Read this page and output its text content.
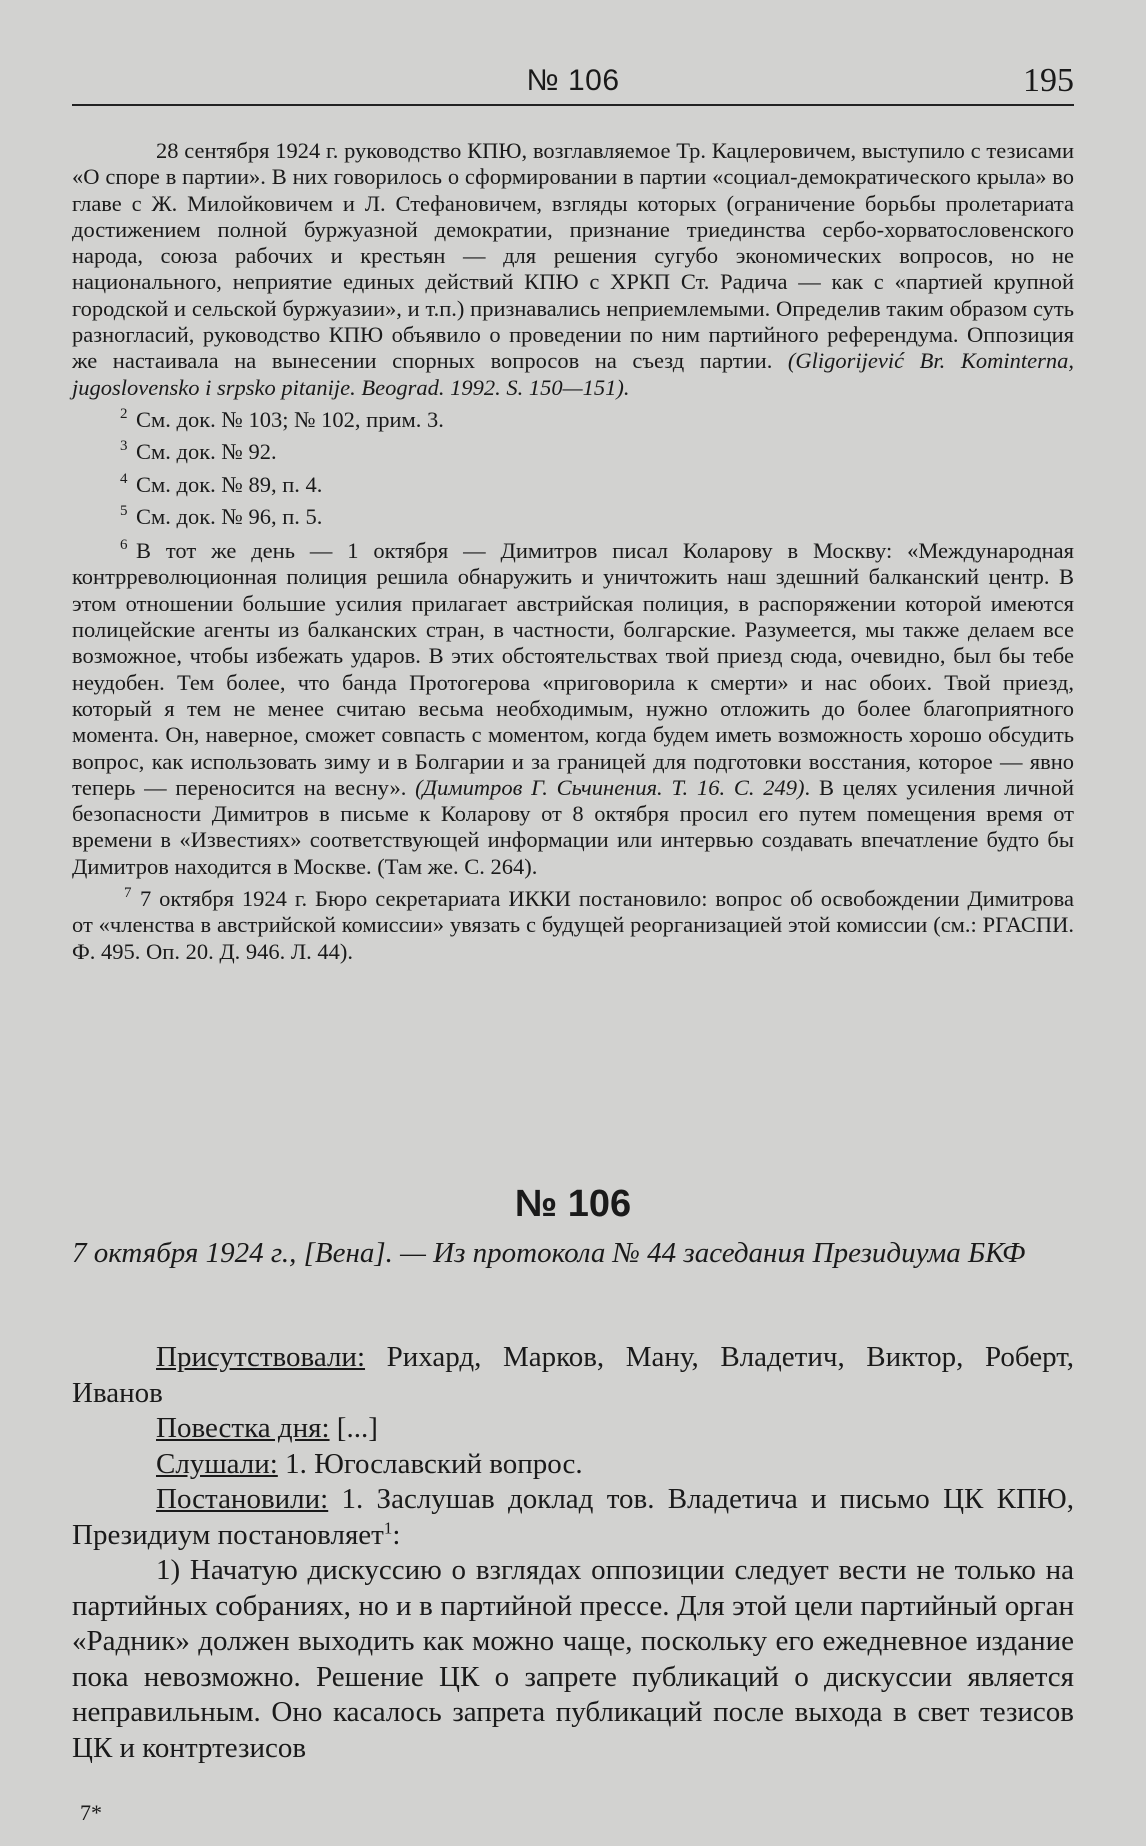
№ 106	195

28 сентября 1924 г. руководство КПЮ, возглавляемое Тр. Кацлеровичем, выступило с тезисами «О споре в партии». В них говорилось о сформировании в партии «социал-демократического крыла» во главе с Ж. Милойковичем и Л. Стефановичем, взгляды которых (ограничение борьбы пролетариата достижением полной буржуазной демократии, признание триединства сербо-хорватословенского народа, союза рабочих и крестьян — для решения сугубо экономических вопросов, но не национального, неприятие единых действий КПЮ с ХРКП Ст. Радича — как с «партией крупной городской и сельской буржуазии», и т.п.) признавались неприемлемыми. Определив таким образом суть разногласий, руководство КПЮ объявило о проведении по ним партийного референдума. Оппозиция же настаивала на вынесении спорных вопросов на съезд партии. (Gligorijević Br. Kominterna, jugoslovensko i srpsko pitanije. Beograd. 1992. S. 150—151).

2 См. док. № 103; № 102, прим. 3.
3 См. док. № 92.
4 См. док. № 89, п. 4.
5 См. док. № 96, п. 5.
6 В тот же день — 1 октября — Димитров писал Коларову в Москву: «Международная контрреволюционная полиция решила обнаружить и уничтожить наш здешний балканский центр. В этом отношении большие усилия прилагает австрийская полиция, в распоряжении которой имеются полицейские агенты из балканских стран, в частности, болгарские. Разумеется, мы также делаем все возможное, чтобы избежать ударов. В этих обстоятельствах твой приезд сюда, очевидно, был бы тебе неудобен. Тем более, что банда Протогерова «приговорила к смерти» и нас обоих. Твой приезд, который я тем не менее считаю весьма необходимым, нужно отложить до более благоприятного момента. Он, наверное, сможет совпасть с моментом, когда будем иметь возможность хорошо обсудить вопрос, как использовать зиму и в Болгарии и за границей для подготовки восстания, которое — явно теперь — переносится на весну». (Димитров Г. Сьчинения. Т. 16. С. 249). В целях усиления личной безопасности Димитров в письме к Коларову от 8 октября просил его путем помещения время от времени в «Известиях» соответствующей информации или интервью создавать впечатление будто бы Димитров находится в Москве. (Там же. С. 264).
7 7 октября 1924 г. Бюро секретариата ИККИ постановило: вопрос об освобождении Димитрова от «членства в австрийской комиссии» увязать с будущей реорганизацией этой комиссии (см.: РГАСПИ. Ф. 495. Оп. 20. Д. 946. Л. 44).
№ 106
7 октября 1924 г., [Вена]. — Из протокола № 44 заседания Президиума БКФ

Присутствовали: Рихард, Марков, Ману, Владетич, Виктор, Роберт, Иванов

Повестка дня: [...]

Слушали: 1. Югославский вопрос.

Постановили: 1. Заслушав доклад тов. Владетича и письмо ЦК КПЮ, Президиум постановляет$^1$:

1) Начатую дискуссию о взглядах оппозиции следует вести не только на партийных собраниях, но и в партийной прессе. Для этой цели партийный орган «Радник» должен выходить как можно чаще, поскольку его ежедневное издание пока невозможно. Решение ЦК о запрете публикаций о дискуссии является неправильным. Оно касалось запрета публикаций после выхода в свет тезисов ЦК и контртезисов

7*
